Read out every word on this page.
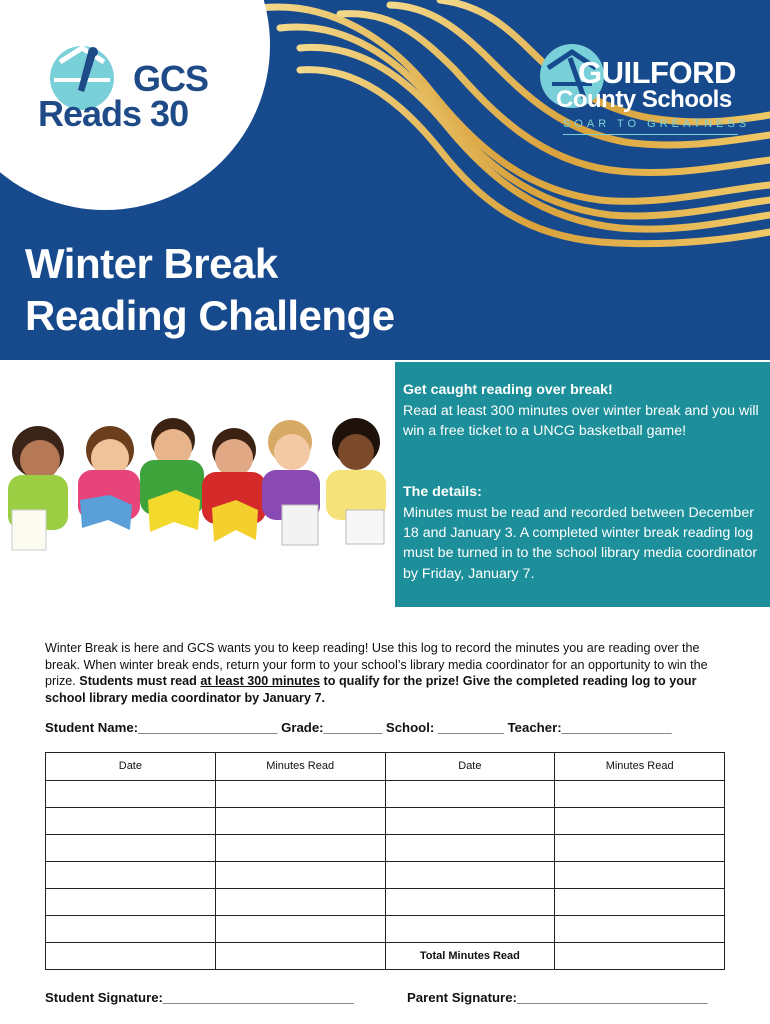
GCS
Reads 30
GUILFORD
County Schools
SOAR TO GREATNESS
Winter Break
Reading Challenge

Get caught reading over break!

Read at least 300 minutes over winter break and you will win a free ticket to a UNCG basketball game!

The details:

Minutes must be read and recorded between December 18 and January 3. A completed winter break reading log must be turned in to the school library media coordinator by Friday, January 7.

Winter Break is here and GCS wants you to keep reading! Use this log to record the minutes you are reading over the break. When winter break ends, return your form to your school’s library media coordinator for an opportunity to win the prize. Students must read at least 300 minutes to qualify for the prize! Give the completed reading log to your school library media coordinator by January 7.
Student Name:___________________ Grade:________ School: _________ Teacher:_______________
Date	Minutes Read	Date	Minutes Read

		Total Minutes Read	
Student Signature:__________________________	Parent Signature:__________________________
